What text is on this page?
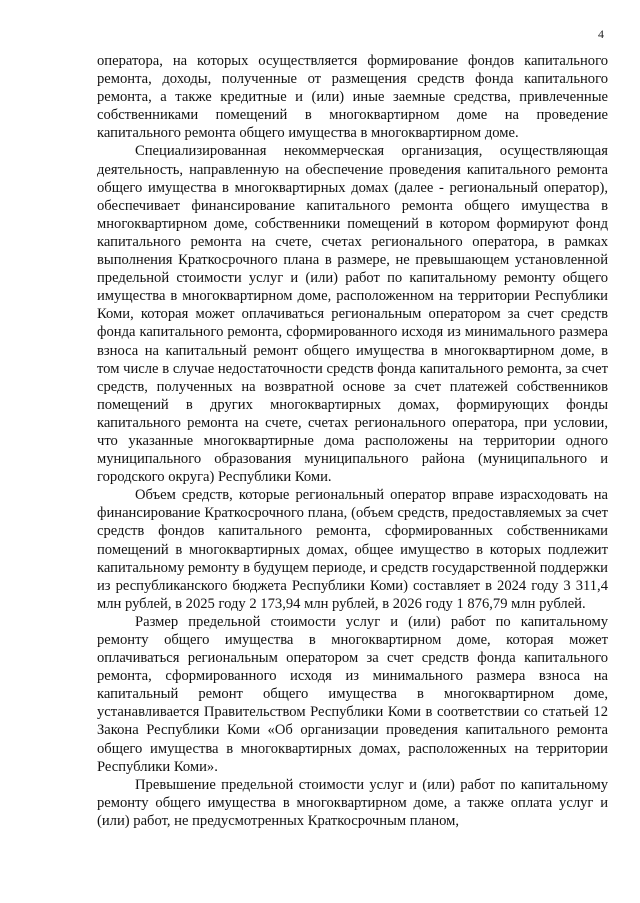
4

оператора, на которых осуществляется формирование фондов капитального ремонта, доходы, полученные от размещения средств фонда капитального ремонта, а также кредитные и (или) иные заемные средства, привлеченные собственниками помещений в многоквартирном доме на проведение капитального ремонта общего имущества в многоквартирном доме.

Специализированная некоммерческая организация, осуществляющая деятельность, направленную на обеспечение проведения капитального ремонта общего имущества в многоквартирных домах (далее - региональный оператор), обеспечивает финансирование капитального ремонта общего имущества в многоквартирном доме, собственники помещений в котором формируют фонд капитального ремонта на счете, счетах регионального оператора, в рамках выполнения Краткосрочного плана в размере, не превышающем установленной предельной стоимости услуг и (или) работ по капитальному ремонту общего имущества в многоквартирном доме, расположенном на территории Республики Коми, которая может оплачиваться региональным оператором за счет средств фонда капитального ремонта, сформированного исходя из минимального размера взноса на капитальный ремонт общего имущества в многоквартирном доме, в том числе в случае недостаточности средств фонда капитального ремонта, за счет средств, полученных на возвратной основе за счет платежей собственников помещений в других многоквартирных домах, формирующих фонды капитального ремонта на счете, счетах регионального оператора, при условии, что указанные многоквартирные дома расположены на территории одного муниципального образования муниципального района (муниципального и городского округа) Республики Коми.

Объем средств, которые региональный оператор вправе израсходовать на финансирование Краткосрочного плана, (объем средств, предоставляемых за счет средств фондов капитального ремонта, сформированных собственниками помещений в многоквартирных домах, общее имущество в которых подлежит капитальному ремонту в будущем периоде, и средств государственной поддержки из республиканского бюджета Республики Коми) составляет в 2024 году 3 311,4 млн рублей, в 2025 году 2 173,94 млн рублей, в 2026 году 1 876,79 млн рублей.

Размер предельной стоимости услуг и (или) работ по капитальному ремонту общего имущества в многоквартирном доме, которая может оплачиваться региональным оператором за счет средств фонда капитального ремонта, сформированного исходя из минимального размера взноса на капитальный ремонт общего имущества в многоквартирном доме, устанавливается Правительством Республики Коми в соответствии со статьей 12 Закона Республики Коми «Об организации проведения капитального ремонта общего имущества в многоквартирных домах, расположенных на территории Республики Коми».

Превышение предельной стоимости услуг и (или) работ по капитальному ремонту общего имущества в многоквартирном доме, а также оплата услуг и (или) работ, не предусмотренных Краткосрочным планом,
